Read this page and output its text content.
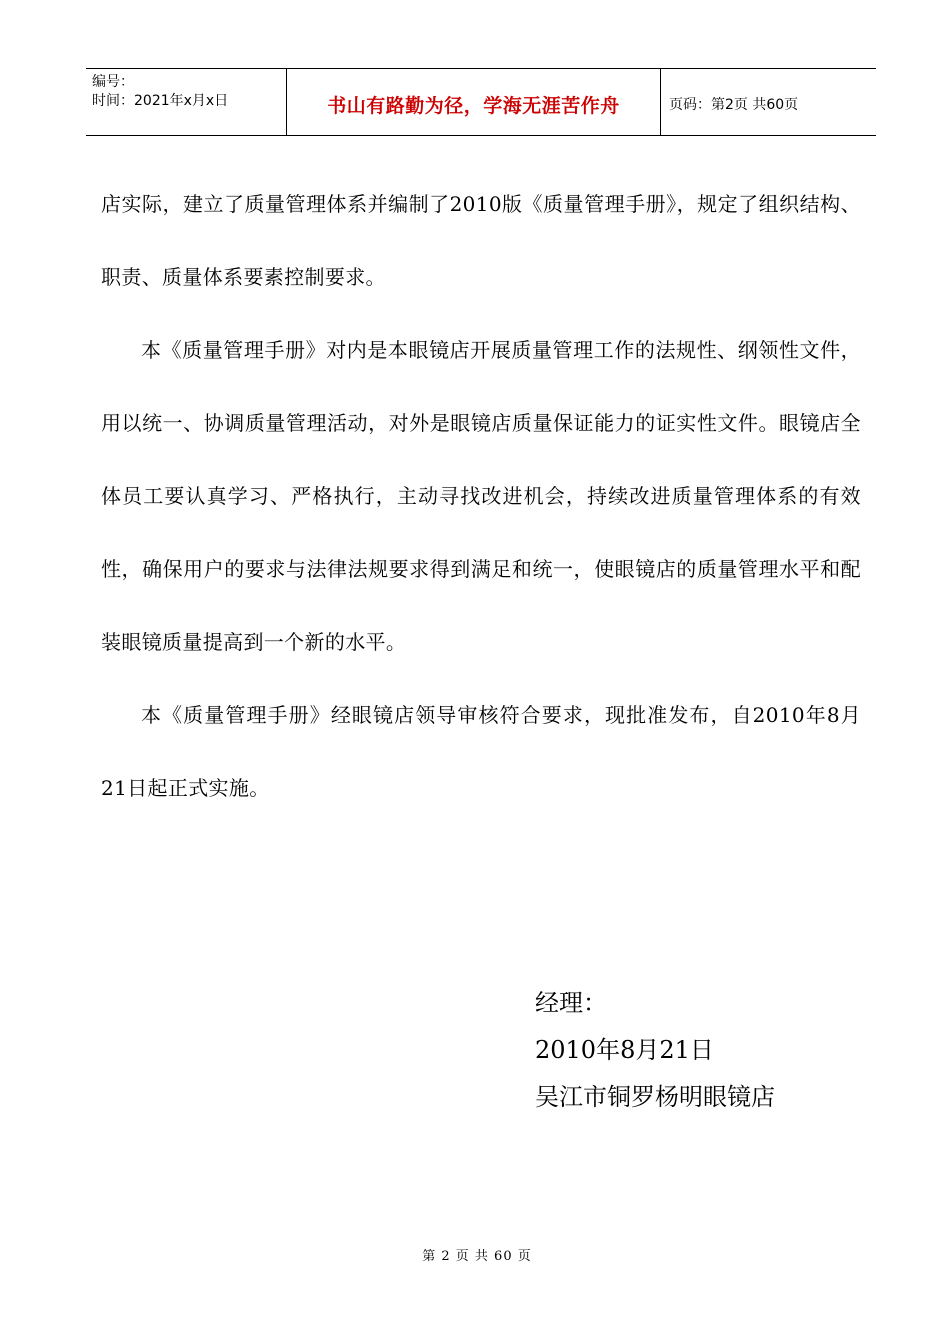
编号：
时间：2021年x月x日	书山有路勤为径，学海无涯苦作舟	页码：第2页 共60页

店实际，建立了质量管理体系并编制了2010版《质量管理手册》，规定了组织结构、职责、质量体系要素控制要求。

本《质量管理手册》对内是本眼镜店开展质量管理工作的法规性、纲领性文件，用以统一、协调质量管理活动，对外是眼镜店质量保证能力的证实性文件。眼镜店全体员工要认真学习、严格执行，主动寻找改进机会，持续改进质量管理体系的有效性，确保用户的要求与法律法规要求得到满足和统一，使眼镜店的质量管理水平和配装眼镜质量提高到一个新的水平。

本《质量管理手册》经眼镜店领导审核符合要求，现批准发布，自2010年8月21日起正式实施。

经理：
2010年8月21日
吴江市铜罗杨明眼镜店
第 2 页 共 60 页
